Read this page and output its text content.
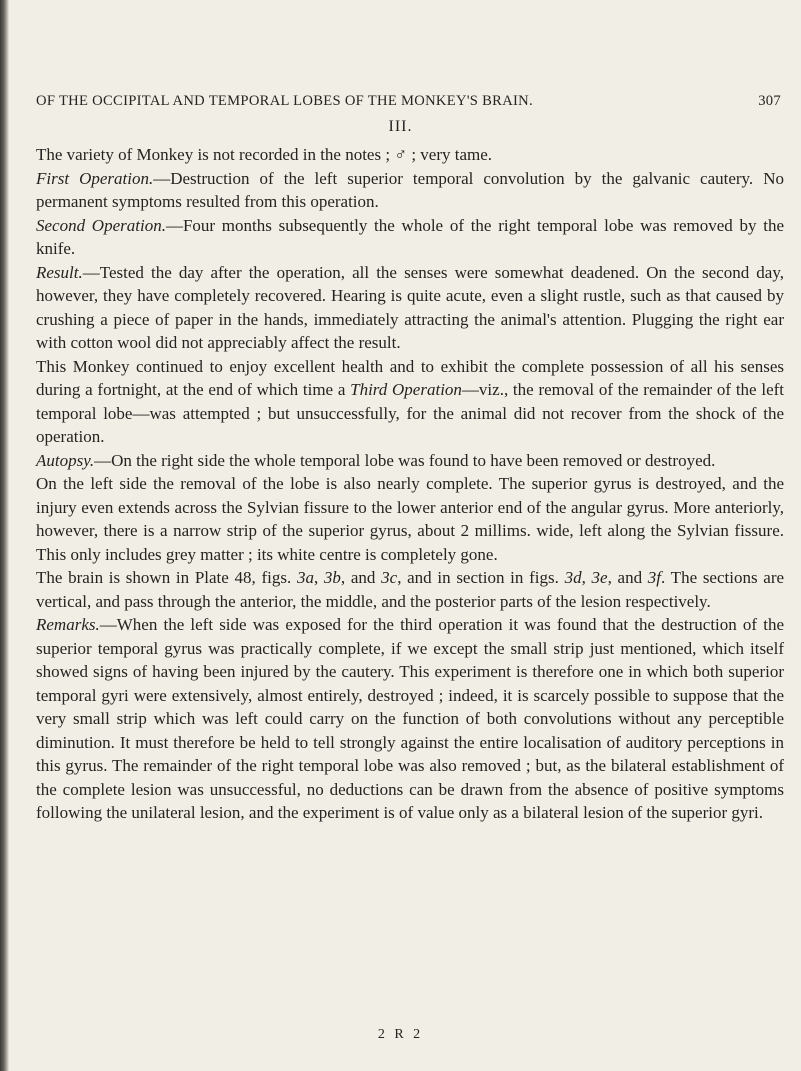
OF THE OCCIPITAL AND TEMPORAL LOBES OF THE MONKEY'S BRAIN.	307
III.

The variety of Monkey is not recorded in the notes ; ♂ ; very tame.

First Operation.—Destruction of the left superior temporal convolution by the galvanic cautery. No permanent symptoms resulted from this operation.

Second Operation.—Four months subsequently the whole of the right temporal lobe was removed by the knife.

Result.—Tested the day after the operation, all the senses were somewhat deadened. On the second day, however, they have completely recovered. Hearing is quite acute, even a slight rustle, such as that caused by crushing a piece of paper in the hands, immediately attracting the animal's attention. Plugging the right ear with cotton wool did not appreciably affect the result.

This Monkey continued to enjoy excellent health and to exhibit the complete possession of all his senses during a fortnight, at the end of which time a Third Operation—viz., the removal of the remainder of the left temporal lobe—was attempted ; but unsuccessfully, for the animal did not recover from the shock of the operation.

Autopsy.—On the right side the whole temporal lobe was found to have been removed or destroyed.

On the left side the removal of the lobe is also nearly complete. The superior gyrus is destroyed, and the injury even extends across the Sylvian fissure to the lower anterior end of the angular gyrus. More anteriorly, however, there is a narrow strip of the superior gyrus, about 2 millims. wide, left along the Sylvian fissure. This only includes grey matter ; its white centre is completely gone.

The brain is shown in Plate 48, figs. 3a, 3b, and 3c, and in section in figs. 3d, 3e, and 3f. The sections are vertical, and pass through the anterior, the middle, and the posterior parts of the lesion respectively.

Remarks.—When the left side was exposed for the third operation it was found that the destruction of the superior temporal gyrus was practically complete, if we except the small strip just mentioned, which itself showed signs of having been injured by the cautery. This experiment is therefore one in which both superior temporal gyri were extensively, almost entirely, destroyed ; indeed, it is scarcely possible to suppose that the very small strip which was left could carry on the function of both convolutions without any perceptible diminution. It must therefore be held to tell strongly against the entire localisation of auditory perceptions in this gyrus. The remainder of the right temporal lobe was also removed ; but, as the bilateral establishment of the complete lesion was unsuccessful, no deductions can be drawn from the absence of positive symptoms following the unilateral lesion, and the experiment is of value only as a bilateral lesion of the superior gyri.

2 R 2
